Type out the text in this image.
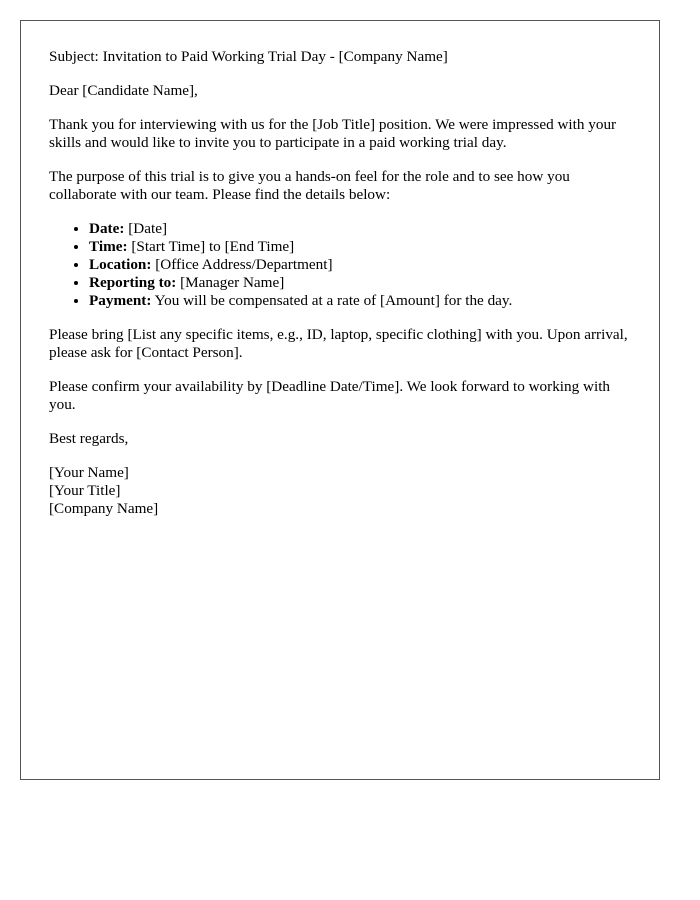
Subject: Invitation to Paid Working Trial Day - [Company Name]

Dear [Candidate Name],

Thank you for interviewing with us for the [Job Title] position. We were impressed with your skills and would like to invite you to participate in a paid working trial day.

The purpose of this trial is to give you a hands-on feel for the role and to see how you collaborate with our team. Please find the details below:

• Date: [Date]
• Time: [Start Time] to [End Time]
• Location: [Office Address/Department]
• Reporting to: [Manager Name]
• Payment: You will be compensated at a rate of [Amount] for the day.

Please bring [List any specific items, e.g., ID, laptop, specific clothing] with you. Upon arrival, please ask for [Contact Person].

Please confirm your availability by [Deadline Date/Time]. We look forward to working with you.

Best regards,

[Your Name]
[Your Title]
[Company Name]
